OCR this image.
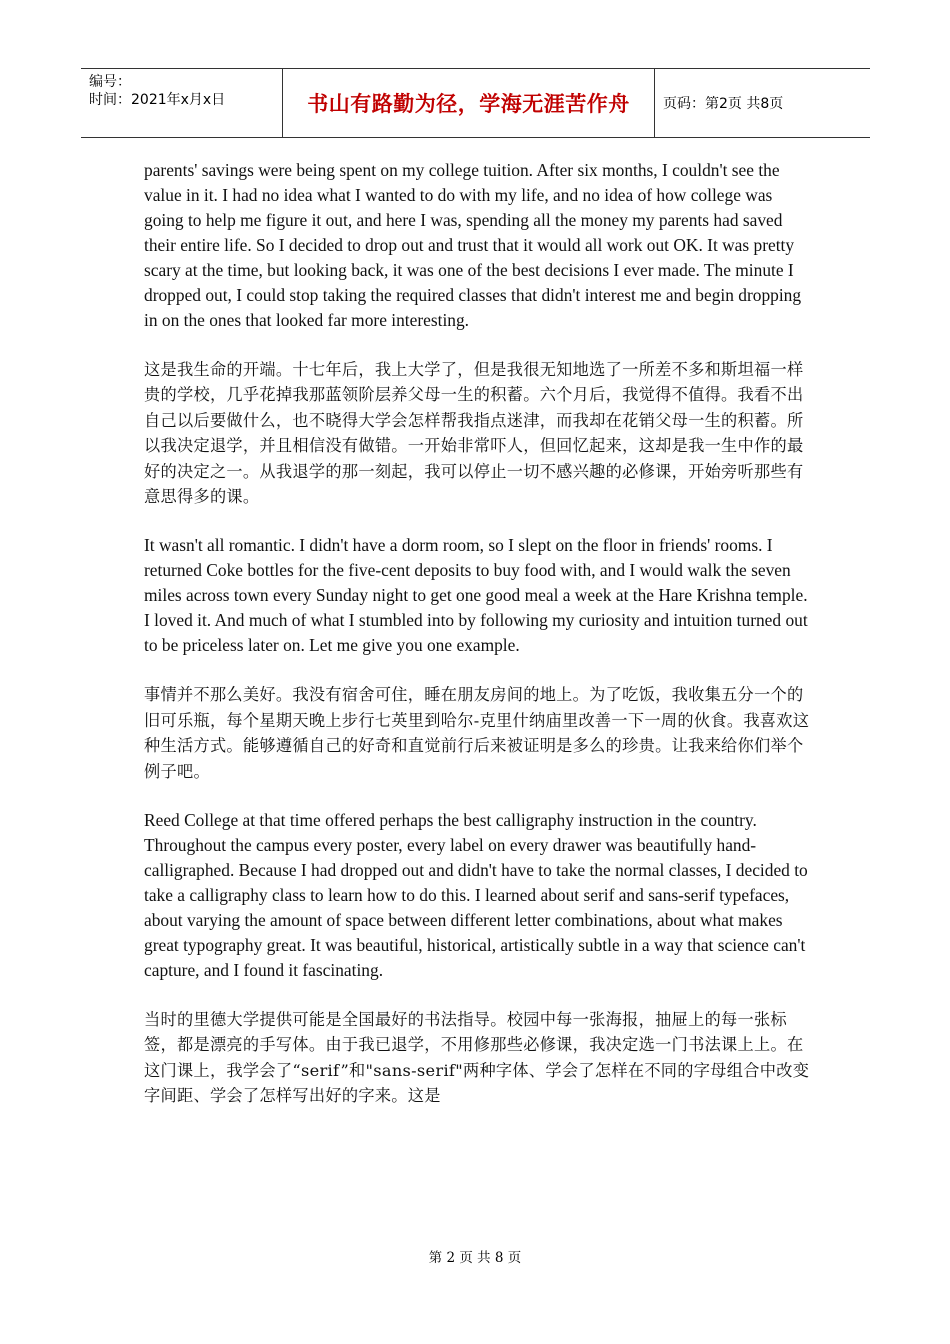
编号：
时间：2021年x月x日	书山有路勤为径，学海无涯苦作舟 页码：第2页 共8页

parents' savings were being spent on my college tuition. After six months, I couldn't see the value in it. I had no idea what I wanted to do with my life, and no idea of how college was going to help me figure it out, and here I was, spending all the money my parents had saved their entire life. So I decided to drop out and trust that it would all work out OK. It was pretty scary at the time, but looking back, it was one of the best decisions I ever made. The minute I dropped out, I could stop taking the required classes that didn't interest me and begin dropping in on the ones that looked far more interesting.

这是我生命的开端。十七年后，我上大学了，但是我很无知地选了一所差不多和斯坦福一样贵的学校，几乎花掉我那蓝领阶层养父母一生的积蓄。六个月后，我觉得不值得。我看不出自己以后要做什么，也不晓得大学会怎样帮我指点迷津，而我却在花销父母一生的积蓄。所以我决定退学，并且相信没有做错。一开始非常吓人，但回忆起来，这却是我一生中作的最好的决定之一。从我退学的那一刻起，我可以停止一切不感兴趣的必修课，开始旁听那些有意思得多的课。

It wasn't all romantic. I didn't have a dorm room, so I slept on the floor in friends' rooms. I returned Coke bottles for the five-cent deposits to buy food with, and I would walk the seven miles across town every Sunday night to get one good meal a week at the Hare Krishna temple. I loved it. And much of what I stumbled into by following my curiosity and intuition turned out to be priceless later on. Let me give you one example.

事情并不那么美好。我没有宿舍可住，睡在朋友房间的地上。为了吃饭，我收集五分一个的旧可乐瓶，每个星期天晚上步行七英里到哈尔-克里什纳庙里改善一下一周的伙食。我喜欢这种生活方式。能够遵循自己的好奇和直觉前行后来被证明是多么的珍贵。让我来给你们举个例子吧。

Reed College at that time offered perhaps the best calligraphy instruction in the country. Throughout the campus every poster, every label on every drawer was beautifully hand-calligraphed. Because I had dropped out and didn't have to take the normal classes, I decided to take a calligraphy class to learn how to do this. I learned about serif and sans-serif typefaces, about varying the amount of space between different letter combinations, about what makes great typography great. It was beautiful, historical, artistically subtle in a way that science can't capture, and I found it fascinating.

当时的里德大学提供可能是全国最好的书法指导。校园中每一张海报，抽屉上的每一张标签，都是漂亮的手写体。由于我已退学，不用修那些必修课，我决定选一门书法课上上。在这门课上，我学会了“serif”和"sans-serif"两种字体、学会了怎样在不同的字母组合中改变字间距、学会了怎样写出好的字来。这是

第 2 页 共 8 页
